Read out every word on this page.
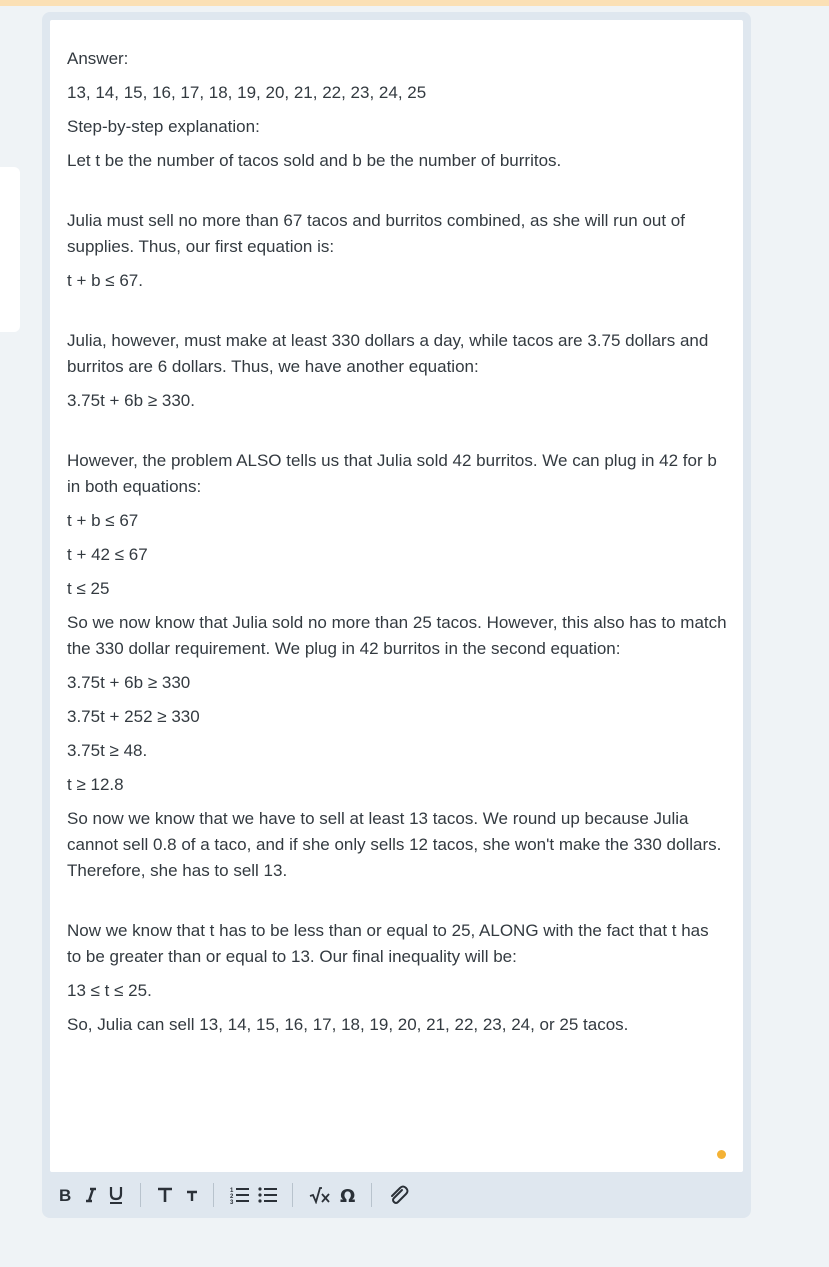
Answer:

13, 14, 15, 16, 17, 18, 19, 20, 21, 22, 23, 24, 25

Step-by-step explanation:

Let t be the number of tacos sold and b be the number of burritos.

Julia must sell no more than 67 tacos and burritos combined, as she will run out of supplies. Thus, our first equation is:

t + b ≤ 67.

Julia, however, must make at least 330 dollars a day, while tacos are 3.75 dollars and burritos are 6 dollars. Thus, we have another equation:

3.75t + 6b ≥ 330.

However, the problem ALSO tells us that Julia sold 42 burritos. We can plug in 42 for b in both equations:

t + b ≤ 67

t + 42 ≤ 67

t ≤ 25

So we now know that Julia sold no more than 25 tacos. However, this also has to match the 330 dollar requirement. We plug in 42 burritos in the second equation:

3.75t + 6b ≥ 330

3.75t + 252 ≥ 330

3.75t ≥ 48.

t ≥ 12.8

So now we know that we have to sell at least 13 tacos. We round up because Julia cannot sell 0.8 of a taco, and if she only sells 12 tacos, she won't make the 330 dollars. Therefore, she has to sell 13.

Now we know that t has to be less than or equal to 25, ALONG with the fact that t has to be greater than or equal to 13. Our final inequality will be:

13 ≤ t ≤ 25.

So, Julia can sell 13, 14, 15, 16, 17, 18, 19, 20, 21, 22, 23, 24, or 25 tacos.

B	1
2
3	Ω
